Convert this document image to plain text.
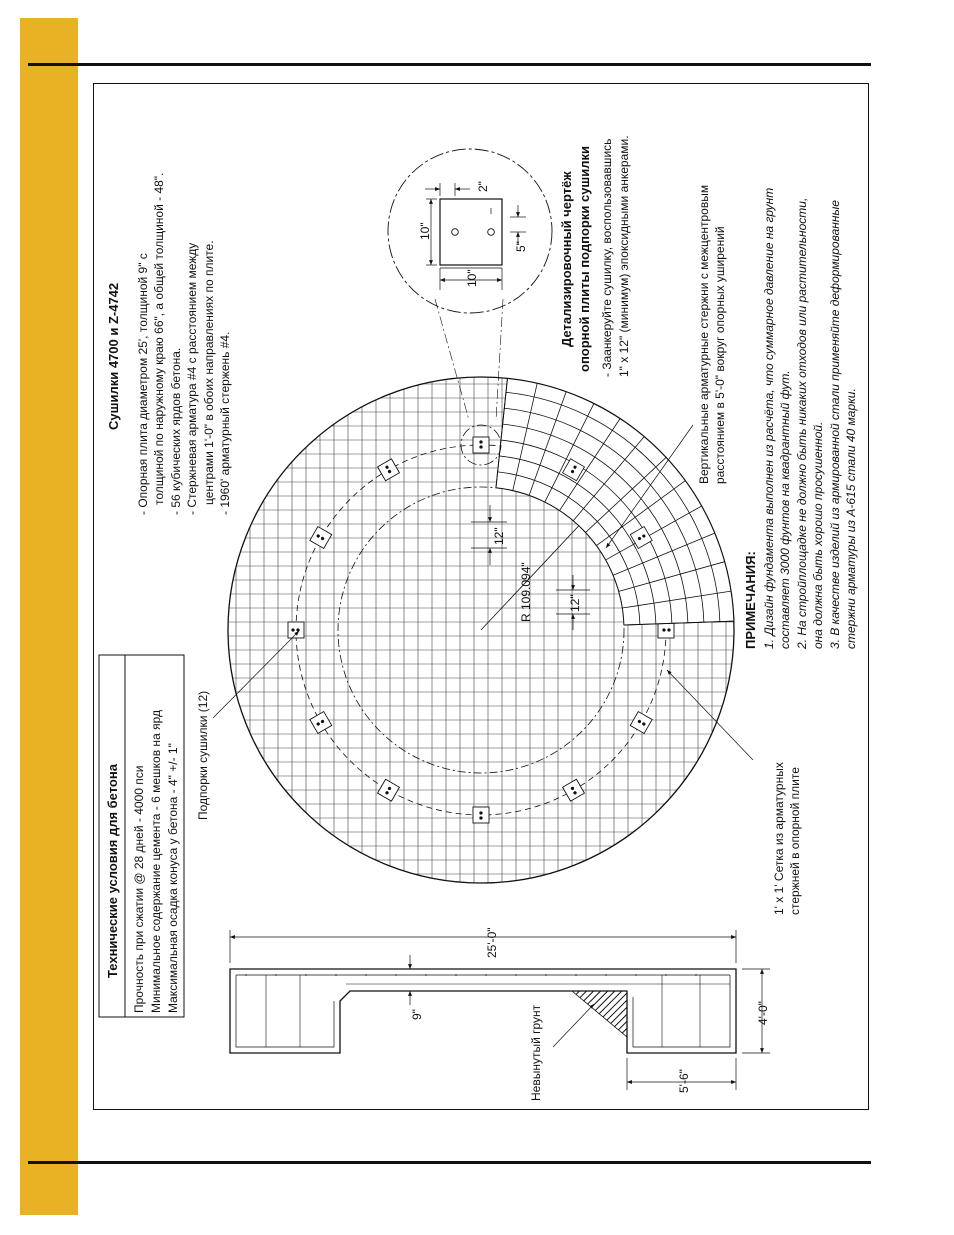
Технические условия для бетона Прочность при сжатии @ 28 дней - 4000 пси Минимальное содержание цемента - 6 мешков на ярд Максимальная осадка конуса у бетона - 4" +/- 1"
Сушилки 4700 и Z-4742 - Опорная плита диаметром 25', толщиной 9" с толщиной по наружному краю 66", а общей толщиной - 48". - 56 кубических ярдов бетона. - Стержневая арматура #4 с расстоянием между центрами 1'-0" в обоих направлениях по плите. - 1960' арматурный стержень #4.
R 109.094"
12"
12"
10"
2"
10"
5" Детализировочный чертёж опорной плиты подпорки сушилки - Заанкеруйте сушилку, воспользовавшись 1" x 12" (минимум) эпоксидными анкерами.	Вертикальные арматурные стержни с межцентровым расстоянием в 5'-0" вокруг опорных уширений
Подпорки сушилки (12)
1' x 1' Сетка из арматурных стержней в опорной плите
ПРИМЕЧАНИЯ: 1. Дизайн фундамента выполнен из расчёта, что суммарное давление на грунт составляет 3000 фунтов на квадрантный фут. 2. На стройплощадке не должно быть никаких отходов или растительности, она должна быть хорошо просушенной. 3. В качестве изделий из армированной стали применяйте деформированные стержни арматуры из A-615 стали 40 марки.
25'-0"
9"	4'-0"
5'-6"
Невынутый грунт
